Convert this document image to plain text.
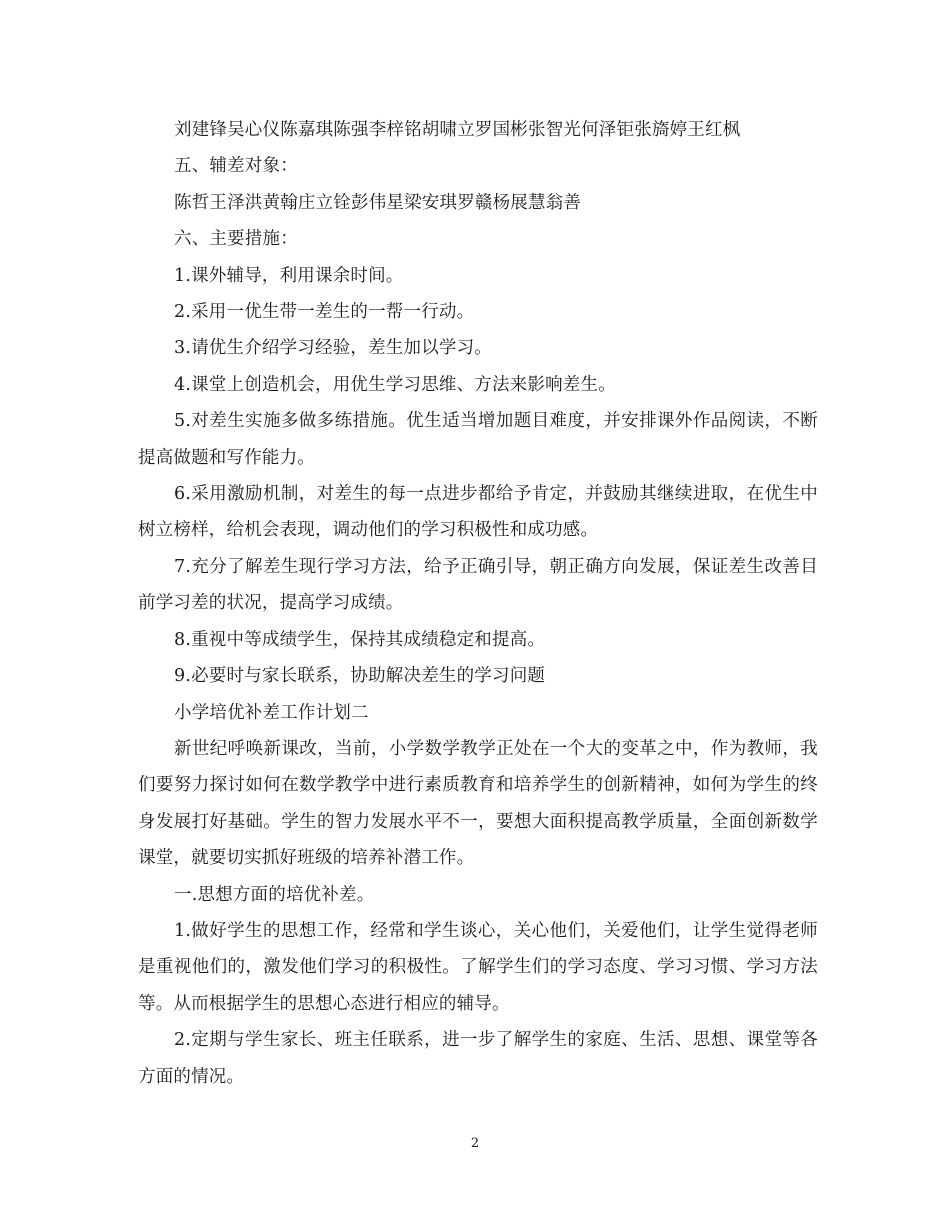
刘建锋吴心仪陈嘉琪陈强李梓铭胡啸立罗国彬张智光何泽钜张旖婷王红枫

五、辅差对象：

陈哲王泽洪黄翰庄立铨彭伟星梁安琪罗赣杨展慧翁善

六、主要措施：

1.课外辅导，利用课余时间。

2.采用一优生带一差生的一帮一行动。

3.请优生介绍学习经验，差生加以学习。

4.课堂上创造机会，用优生学习思维、方法来影响差生。

5.对差生实施多做多练措施。优生适当增加题目难度，并安排课外作品阅读，不断提高做题和写作能力。

6.采用激励机制，对差生的每一点进步都给予肯定，并鼓励其继续进取，在优生中树立榜样，给机会表现，调动他们的学习积极性和成功感。

7.充分了解差生现行学习方法，给予正确引导，朝正确方向发展，保证差生改善目前学习差的状况，提高学习成绩。

8.重视中等成绩学生，保持其成绩稳定和提高。

9.必要时与家长联系，协助解决差生的学习问题

小学培优补差工作计划二

新世纪呼唤新课改，当前，小学数学教学正处在一个大的变革之中，作为教师，我们要努力探讨如何在数学教学中进行素质教育和培养学生的创新精神，如何为学生的终身发展打好基础。学生的智力发展水平不一，要想大面积提高教学质量，全面创新数学课堂，就要切实抓好班级的培养补潜工作。

一.思想方面的培优补差。

1.做好学生的思想工作，经常和学生谈心，关心他们，关爱他们，让学生觉得老师是重视他们的，激发他们学习的积极性。了解学生们的学习态度、学习习惯、学习方法等。从而根据学生的思想心态进行相应的辅导。

2.定期与学生家长、班主任联系，进一步了解学生的家庭、生活、思想、课堂等各方面的情况。

2
